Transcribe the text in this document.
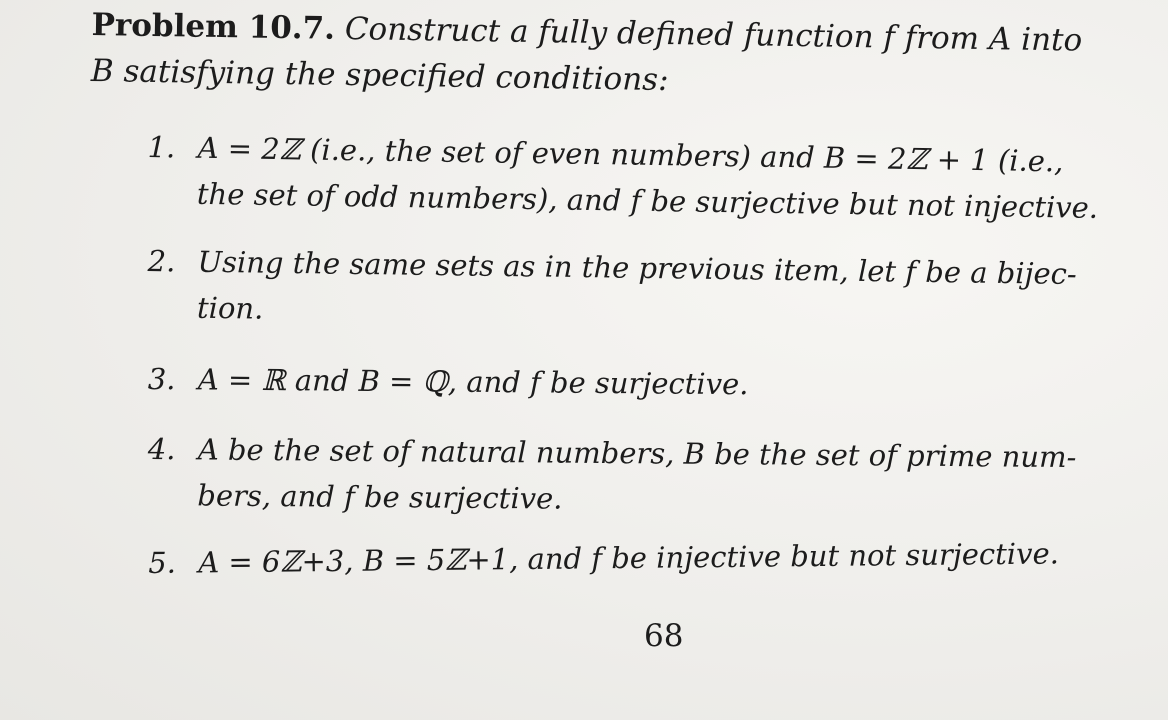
Problem 10.7. Construct a fully defined function f from A into
B satisfying the specified conditions:
1. A = 2ℤ (i.e., the set of even numbers) and B = 2ℤ + 1 (i.e.,
the set of odd numbers), and f be surjective but not injective.
2. Using the same sets as in the previous item, let f be a bijec-
tion.
3. A = ℝ and B = ℚ, and f be surjective.
4. A be the set of natural numbers, B be the set of prime num-
bers, and f be surjective.
5. A = 6ℤ+3, B = 5ℤ+1, and f be injective but not surjective.
68
